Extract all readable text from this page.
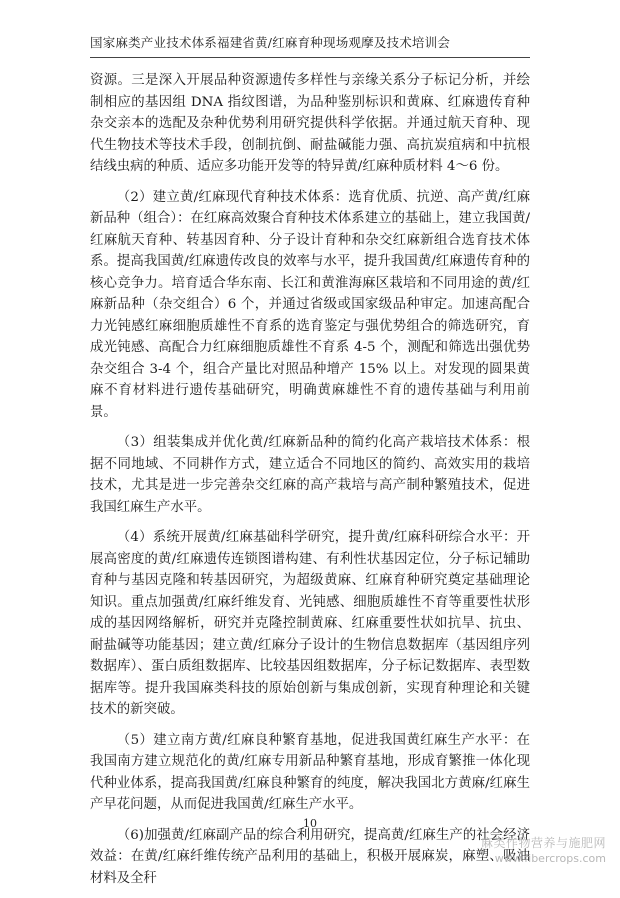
国家麻类产业技术体系福建省黄/红麻育种现场观摩及技术培训会

资源。三是深入开展品种资源遗传多样性与亲缘关系分子标记分析，并绘制相应的基因组 DNA 指纹图谱，为品种鉴别标识和黄麻、红麻遗传育种杂交亲本的选配及杂种优势利用研究提供科学依据。并通过航天育种、现代生物技术等技术手段，创制抗倒、耐盐碱能力强、高抗炭疽病和中抗根结线虫病的种质、适应多功能开发等的特异黄/红麻种质材料 4～6 份。

（2）建立黄/红麻现代育种技术体系：选育优质、抗逆、高产黄/红麻新品种（组合）：在红麻高效聚合育种技术体系建立的基础上，建立我国黄/红麻航天育种、转基因育种、分子设计育种和杂交红麻新组合选育技术体系。提高我国黄/红麻遗传改良的效率与水平，提升我国黄/红麻遗传育种的核心竞争力。培育适合华东南、长江和黄淮海麻区栽培和不同用途的黄/红麻新品种（杂交组合）6 个，并通过省级或国家级品种审定。加速高配合力光钝感红麻细胞质雄性不育系的选育鉴定与强优势组合的筛选研究，育成光钝感、高配合力红麻细胞质雄性不育系 4-5 个，测配和筛选出强优势杂交组合 3-4 个，组合产量比对照品种增产 15% 以上。对发现的圆果黄麻不育材料进行遗传基础研究，明确黄麻雄性不育的遗传基础与利用前景。

（3）组装集成并优化黄/红麻新品种的简约化高产栽培技术体系：根据不同地域、不同耕作方式，建立适合不同地区的简约、高效实用的栽培技术，尤其是进一步完善杂交红麻的高产栽培与高产制种繁殖技术，促进我国红麻生产水平。

（4）系统开展黄/红麻基础科学研究，提升黄/红麻科研综合水平：开展高密度的黄/红麻遗传连锁图谱构建、有利性状基因定位，分子标记辅助育种与基因克隆和转基因研究，为超级黄麻、红麻育种研究奠定基础理论知识。重点加强黄/红麻纤维发育、光钝感、细胞质雄性不育等重要性状形成的基因网络解析，研究并克隆控制黄麻、红麻重要性状如抗旱、抗虫、耐盐碱等功能基因；建立黄/红麻分子设计的生物信息数据库（基因组序列数据库）、蛋白质组数据库、比较基因组数据库，分子标记数据库、表型数据库等。提升我国麻类科技的原始创新与集成创新，实现育种理论和关键技术的新突破。

（5）建立南方黄/红麻良种繁育基地，促进我国黄红麻生产水平：在我国南方建立规范化的黄/红麻专用新品种繁育基地，形成育繁推一体化现代种业体系，提高我国黄/红麻良种繁育的纯度，解决我国北方黄麻/红麻生产早花问题，从而促进我国黄/红麻生产水平。

（6)加强黄/红麻副产品的综合利用研究，提高黄/红麻生产的社会经济效益：在黄/红麻纤维传统产品利用的基础上，积极开展麻炭，麻塑、吸油材料及全秆

10
麻类作物营养与施肥网
www.fibercrops.com
